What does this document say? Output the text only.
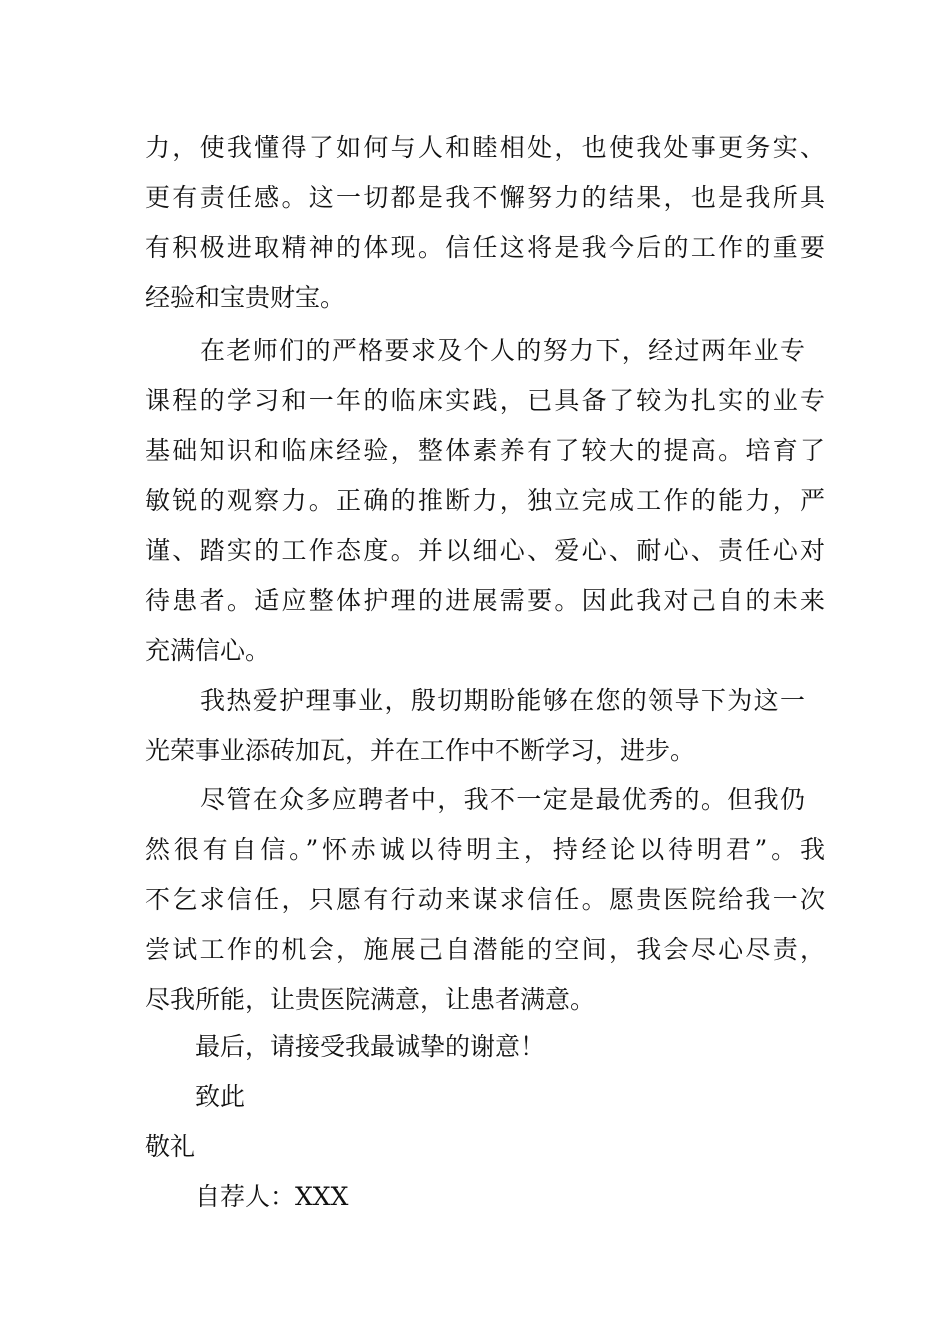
力，使我懂得了如何与人和睦相处，也使我处事更务实、
更有责任感。这一切都是我不懈努力的结果，也是我所具
有积极进取精神的体现。信任这将是我今后的工作的重要
经验和宝贵财宝。
在老师们的严格要求及个人的努力下，经过两年业专
课程的学习和一年的临床实践，已具备了较为扎实的业专
基础知识和临床经验，整体素养有了较大的提高。培育了
敏锐的观察力。正确的推断力，独立完成工作的能力，严
谨、踏实的工作态度。并以细心、爱心、耐心、责任心对
待患者。适应整体护理的进展需要。因此我对己自的未来
充满信心。
我热爱护理事业，殷切期盼能够在您的领导下为这一
光荣事业添砖加瓦，并在工作中不断学习，进步。
尽管在众多应聘者中，我不一定是最优秀的。但我仍
然很有自信。”怀赤诚以待明主，持经论以待明君”。我
不乞求信任，只愿有行动来谋求信任。愿贵医院给我一次
尝试工作的机会，施展己自潜能的空间，我会尽心尽责，
尽我所能，让贵医院满意，让患者满意。
最后，请接受我最诚挚的谢意！
致此
敬礼
自荐人：XXX
